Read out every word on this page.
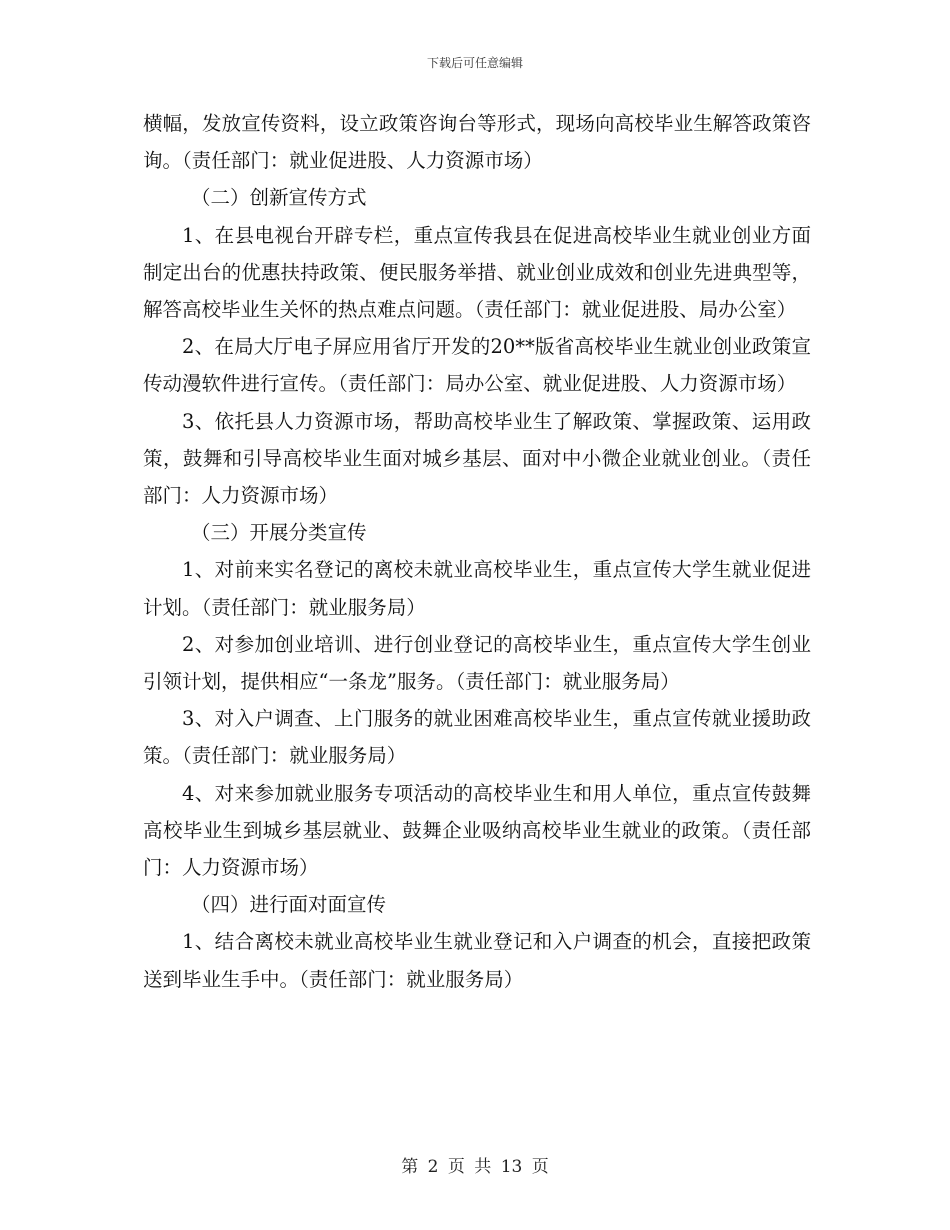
下载后可任意编辑

横幅，发放宣传资料，设立政策咨询台等形式，现场向高校毕业生解答政策咨询。（责任部门：就业促进股、人力资源市场）

（二）创新宣传方式

1、在县电视台开辟专栏，重点宣传我县在促进高校毕业生就业创业方面制定出台的优惠扶持政策、便民服务举措、就业创业成效和创业先进典型等，解答高校毕业生关怀的热点难点问题。（责任部门：就业促进股、局办公室）

2、在局大厅电子屏应用省厅开发的20**版省高校毕业生就业创业政策宣传动漫软件进行宣传。（责任部门：局办公室、就业促进股、人力资源市场）

3、依托县人力资源市场，帮助高校毕业生了解政策、掌握政策、运用政策，鼓舞和引导高校毕业生面对城乡基层、面对中小微企业就业创业。（责任部门：人力资源市场）

（三）开展分类宣传

1、对前来实名登记的离校未就业高校毕业生，重点宣传大学生就业促进计划。（责任部门：就业服务局）

2、对参加创业培训、进行创业登记的高校毕业生，重点宣传大学生创业引领计划，提供相应“一条龙”服务。（责任部门：就业服务局）

3、对入户调查、上门服务的就业困难高校毕业生，重点宣传就业援助政策。（责任部门：就业服务局）

4、对来参加就业服务专项活动的高校毕业生和用人单位，重点宣传鼓舞高校毕业生到城乡基层就业、鼓舞企业吸纳高校毕业生就业的政策。（责任部门：人力资源市场）

（四）进行面对面宣传

1、结合离校未就业高校毕业生就业登记和入户调查的机会，直接把政策送到毕业生手中。（责任部门：就业服务局）

第 2 页 共 13 页
